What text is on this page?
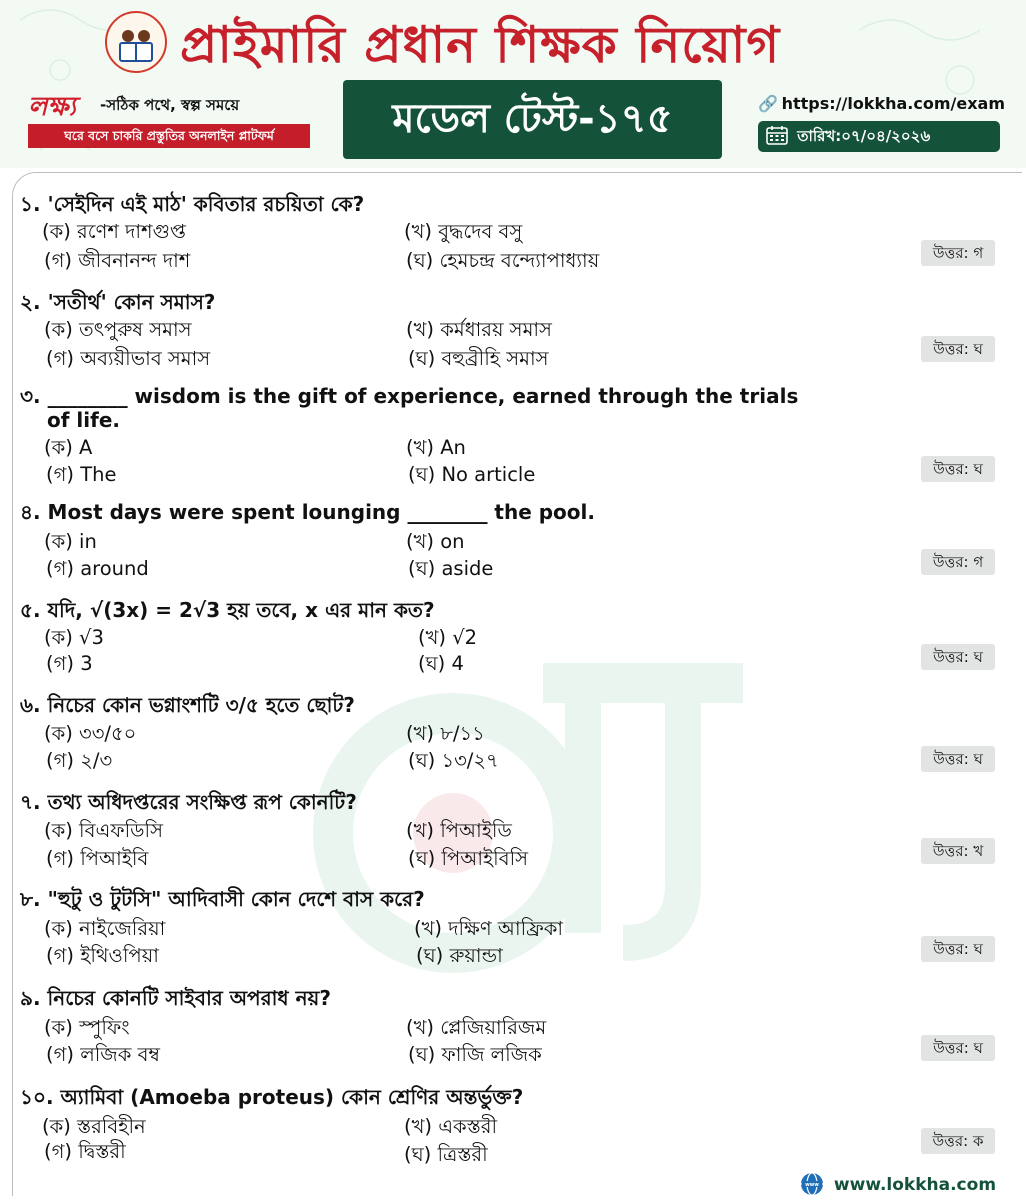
প্রাইমারি প্রধান শিক্ষক নিয়োগ
লক্ষ্য -সঠিক পথে, স্বল্প সময়ে
ঘরে বসে চাকরি প্রস্তুতির অনলাইন প্লাটফর্ম	মডেল টেস্ট-১৭৫	🔗 https://lokkha.com/exam
তারিখ:০৭/০৪/২০২৬
১. 'সেইদিন এই মাঠ' কবিতার রচয়িতা কে?
(ক) রণেশ দাশগুপ্ত	(খ) বুদ্ধদেব বসু
(গ) জীবনানন্দ দাশ	(ঘ) হেমচন্দ্র বন্দ্যোপাধ্যায়	উত্তর: গ
২. 'সতীর্থ' কোন সমাস?
(ক) তৎপুরুষ সমাস	(খ) কর্মধারয় সমাস
(গ) অব্যয়ীভাব সমাস	(ঘ) বহুব্রীহি সমাস	উত্তর: ঘ
৩. ________ wisdom is the gift of experience, earned through the trials
of life.
(ক) A	(খ) An
(গ) The	(ঘ) No article	উত্তর: ঘ
৪. Most days were spent lounging ________ the pool.
(ক) in	(খ) on
(গ) around	(ঘ) aside	উত্তর: গ
৫. যদি, √(3x) = 2√3 হয় তবে, x এর মান কত?
(ক) √3	(খ) √2
(গ) 3	(ঘ) 4	উত্তর: ঘ
৬. নিচের কোন ভগ্নাংশটি ৩/৫ হতে ছোট?
(ক) ৩৩/৫০	(খ) ৮/১১
(গ) ২/৩	(ঘ) ১৩/২৭	উত্তর: ঘ
৭. তথ্য অধিদপ্তরের সংক্ষিপ্ত রূপ কোনটি?
(ক) বিএফডিসি	(খ) পিআইডি
(গ) পিআইবি	(ঘ) পিআইবিসি	উত্তর: খ
৮. "হুটু ও টুটসি" আদিবাসী কোন দেশে বাস করে?
(ক) নাইজেরিয়া	(খ) দক্ষিণ আফ্রিকা
(গ) ইথিওপিয়া	(ঘ) রুয়ান্ডা	উত্তর: ঘ
৯. নিচের কোনটি সাইবার অপরাধ নয়?
(ক) স্পুফিং	(খ) প্লেজিয়ারিজম
(গ) লজিক বম্ব	(ঘ) ফাজি লজিক	উত্তর: ঘ
১০. অ্যামিবা (Amoeba proteus) কোন শ্রেণির অন্তর্ভুক্ত?
(ক) স্তরবিহীন	(খ) একস্তরী
(গ) দ্বিস্তরী	(ঘ) ত্রিস্তরী
উত্তর: ক
www www.lokkha.com
